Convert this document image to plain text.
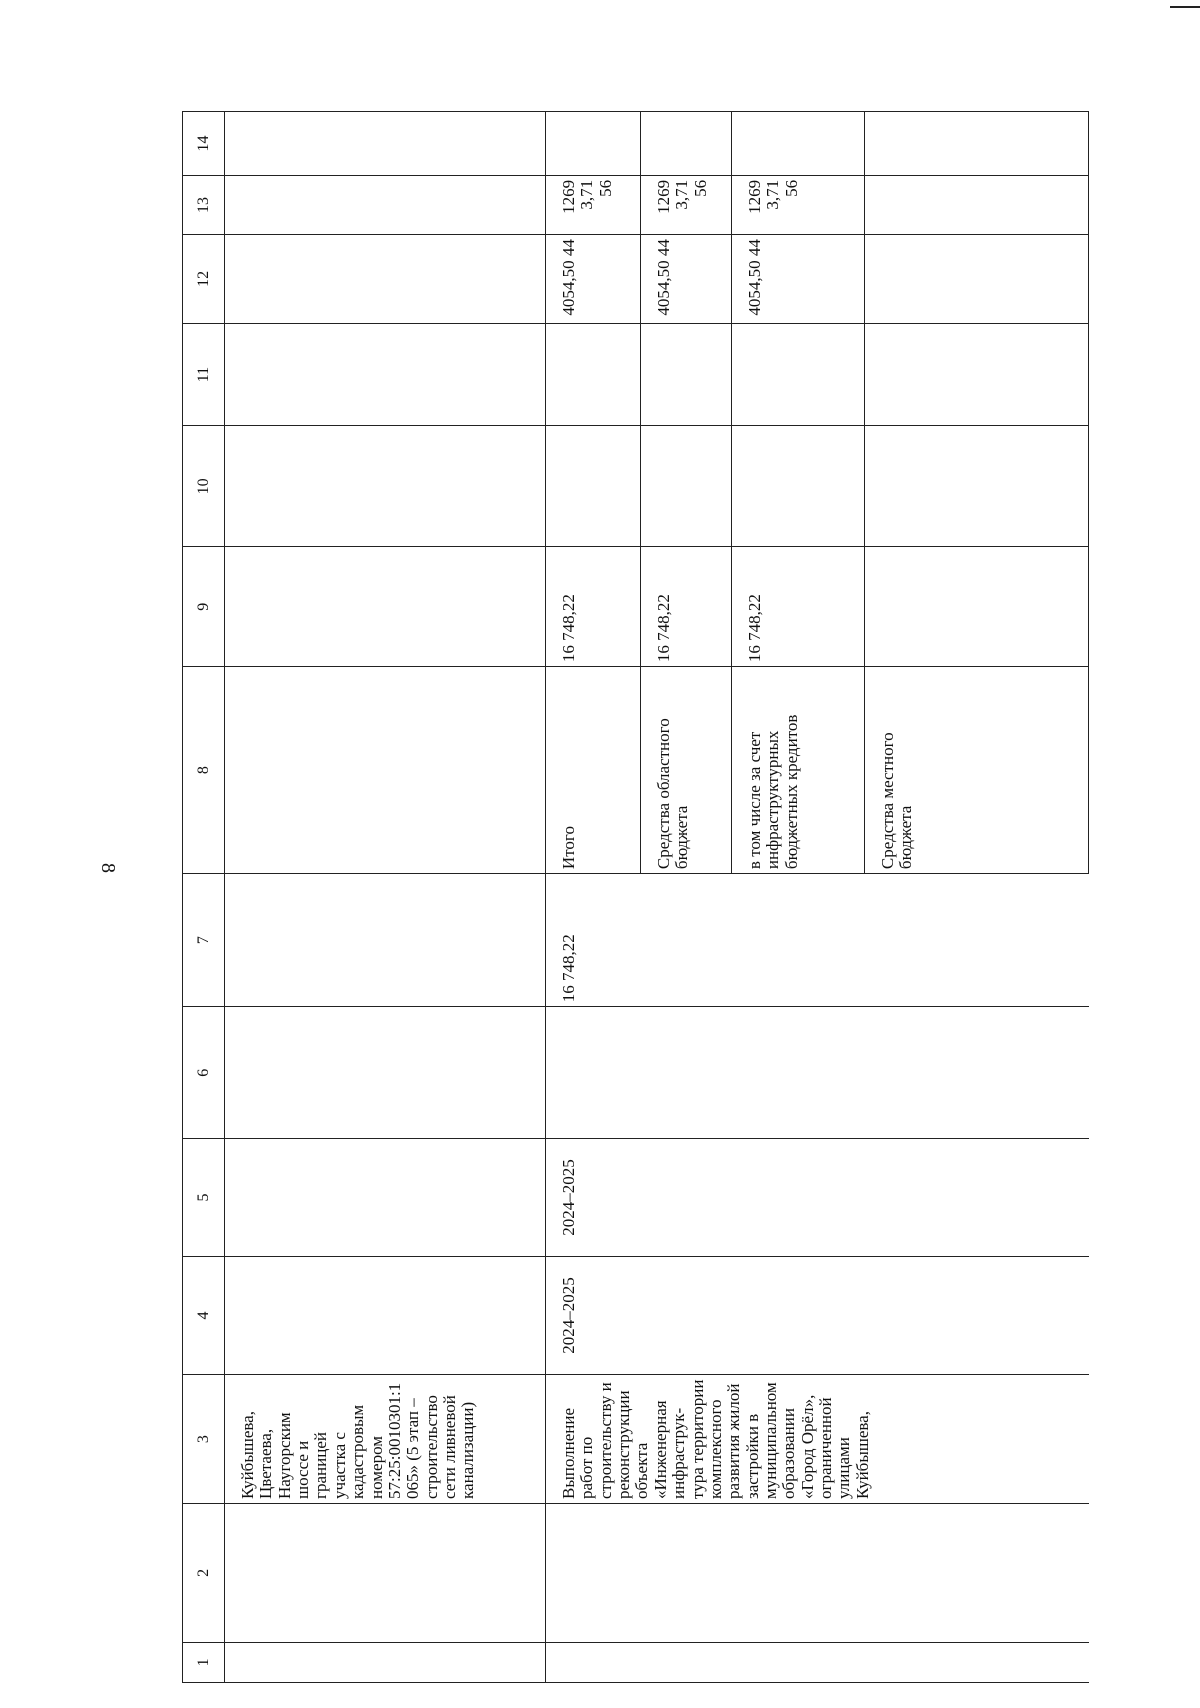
8
1	2	3	4	5	6	7	8	9	10	11	12	13	14
		Куйбышева, Цветаева, Наугорским шоссе и границей участка с кадастровым номером 57:25:0010301:1065» (5 этап – строительство сети ливневой канализации)											
		Выполнение работ по строительству и реконструкции объекта «Инженерная инфраструк-тура территории комплексного развития жилой застройки в муниципальном образовании «Город Орёл», ограниченной улицами Куйбышева,	2024–2025	2024–2025		16 748,22	Итого	16 748,22			4054,50 44	1269 3,71 56	
							Средства областного бюджета	16 748,22			4054,50 44	1269 3,71 56	
							в том числе за счет инфраструктурных бюджетных кредитов	16 748,22			4054,50 44	1269 3,71 56	
							Средства местного бюджета						
